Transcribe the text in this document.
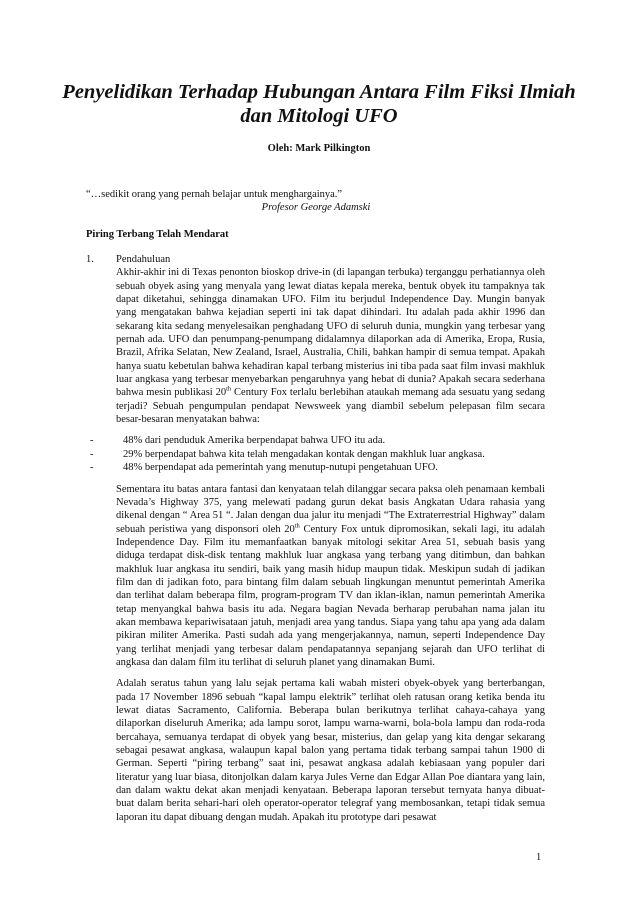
Penyelidikan Terhadap Hubungan Antara Film Fiksi Ilmiah dan Mitologi UFO
Oleh: Mark Pilkington
“…sedikit orang yang pernah belajar untuk menghargainya.”
Profesor George Adamski
Piring Terbang Telah Mendarat
1. Pendahuluan

Akhir-akhir ini di Texas penonton bioskop drive-in (di lapangan terbuka) terganggu perhatiannya oleh sebuah obyek asing yang menyala yang lewat diatas kepala mereka, bentuk obyek itu tampaknya tak dapat diketahui, sehingga dinamakan UFO. Film itu berjudul Independence Day. Mungin banyak yang mengatakan bahwa kejadian seperti ini tak dapat dihindari. Itu adalah pada akhir 1996 dan sekarang kita sedang menyelesaikan penghadang UFO di seluruh dunia, mungkin yang terbesar yang pernah ada. UFO dan penumpang-penumpang didalamnya dilaporkan ada di Amerika, Eropa, Rusia, Brazil, Afrika Selatan, New Zealand, Israel, Australia, Chili, bahkan hampir di semua tempat. Apakah hanya suatu kebetulan bahwa kehadiran kapal terbang misterius ini tiba pada saat film invasi makhluk luar angkasa yang terbesar menyebarkan pengaruhnya yang hebat di dunia? Apakah secara sederhana bahwa mesin publikasi 20th Century Fox terlalu berlebihan ataukah memang ada sesuatu yang sedang terjadi? Sebuah pengumpulan pendapat Newsweek yang diambil sebelum pelepasan film secara besar-besaran menyatakan bahwa:

-	48% dari penduduk Amerika berpendapat bahwa UFO itu ada.
-	29% berpendapat bahwa kita telah mengadakan kontak dengan makhluk luar angkasa.
-	48% berpendapat ada pemerintah yang menutup-nutupi pengetahuan UFO.

Sementara itu batas antara fantasi dan kenyataan telah dilanggar secara paksa oleh penamaan kembali Nevada’s Highway 375, yang melewati padang gurun dekat basis Angkatan Udara rahasia yang dikenal dengan “ Area 51 “. Jalan dengan dua jalur itu menjadi “The Extraterrestrial Highway” dalam sebuah peristiwa yang disponsori oleh 20th Century Fox untuk dipromosikan, sekali lagi, itu adalah Independence Day. Film itu memanfaatkan banyak mitologi sekitar Area 51, sebuah basis yang diduga terdapat disk-disk tentang makhluk luar angkasa yang terbang yang ditimbun, dan bahkan makhluk luar angkasa itu sendiri, baik yang masih hidup maupun tidak. Meskipun sudah di jadikan film dan di jadikan foto, para bintang film dalam sebuah lingkungan menuntut pemerintah Amerika dan terlihat dalam beberapa film, program-program TV dan iklan-iklan, namun pemerintah Amerika tetap menyangkal bahwa basis itu ada. Negara bagian Nevada berharap perubahan nama jalan itu akan membawa kepariwisataan jatuh, menjadi area yang tandus. Siapa yang tahu apa yang ada dalam pikiran militer Amerika. Pasti sudah ada yang mengerjakannya, namun, seperti Independence Day yang terlihat menjadi yang terbesar dalam pendapatannya sepanjang sejarah dan UFO terlihat di angkasa dan dalam film itu terlihat di seluruh planet yang dinamakan Bumi.

Adalah seratus tahun yang lalu sejak pertama kali wabah misteri obyek-obyek yang berterbangan, pada 17 November 1896 sebuah “kapal lampu elektrik” terlihat oleh ratusan orang ketika benda itu lewat diatas Sacramento, California. Beberapa bulan berikutnya terlihat cahaya-cahaya yang dilaporkan diseluruh Amerika; ada lampu sorot, lampu warna-warni, bola-bola lampu dan roda-roda bercahaya, semuanya terdapat di obyek yang besar, misterius, dan gelap yang kita dengar sekarang sebagai pesawat angkasa, walaupun kapal balon yang pertama tidak terbang sampai tahun 1900 di German. Seperti “piring terbang” saat ini, pesawat angkasa adalah kebiasaan yang populer dari literatur yang luar biasa, ditonjolkan dalam karya Jules Verne dan Edgar Allan Poe diantara yang lain, dan dalam waktu dekat akan menjadi kenyataan. Beberapa laporan tersebut ternyata hanya dibuat-buat dalam berita sehari-hari oleh operator-operator telegraf yang membosankan, tetapi tidak semua laporan itu dapat dibuang dengan mudah. Apakah itu prototype dari pesawat

1
